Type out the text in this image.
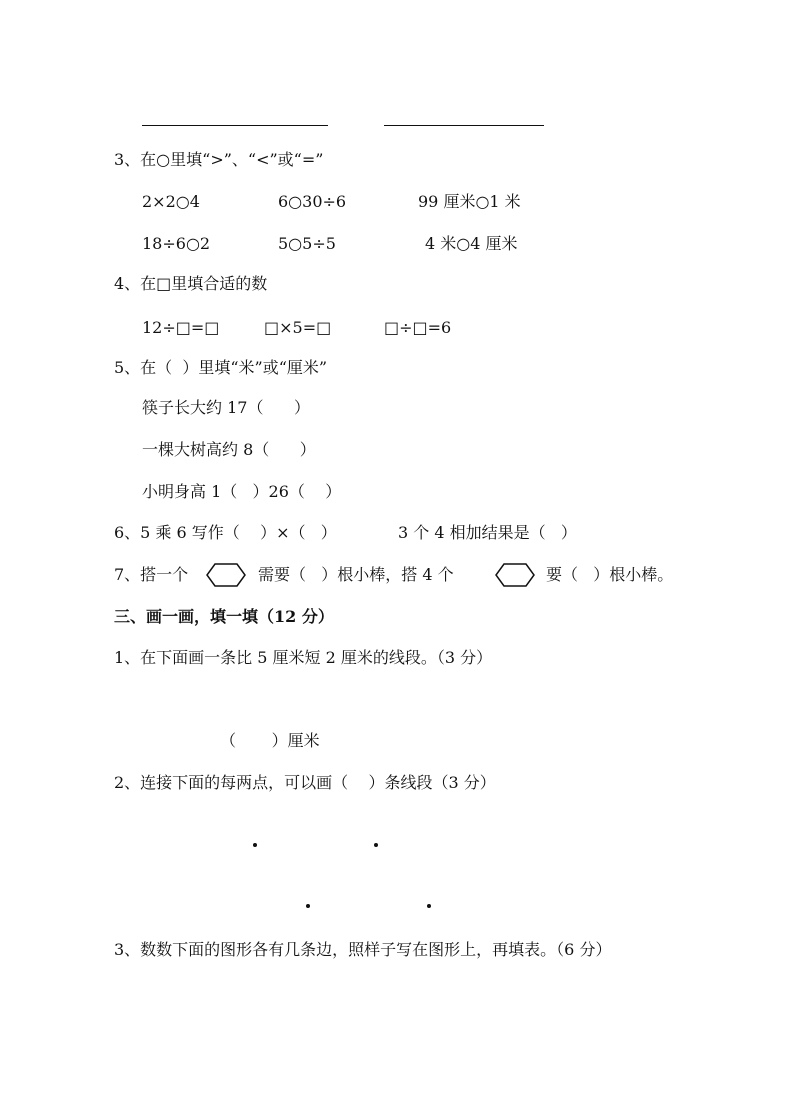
3、在○里填“>”、“<”或“=”
2×2○4	6○30÷6	99 厘米○1 米
18÷6○2	5○5÷5	4 米○4 厘米
4、在□里填合适的数
12÷□=□	□×5=□	□÷□=6
5、在（  ）里填“米”或“厘米”
筷子长大约 17（      ）
一棵大树高约 8（      ）
小明身高 1（   ）26（    ）
6、5 乘 6 写作（    ）×（   ）	3 个 4 相加结果是（   ）
7、搭一个	需要（   ）根小棒，搭 4 个	要（   ）根小棒。
三、画一画，填一填（12 分）
1、在下面画一条比 5 厘米短 2 厘米的线段。（3 分）
（       ）厘米
2、连接下面的每两点，可以画（    ）条线段（3 分）
3、数数下面的图形各有几条边，照样子写在图形上，再填表。（6 分）
